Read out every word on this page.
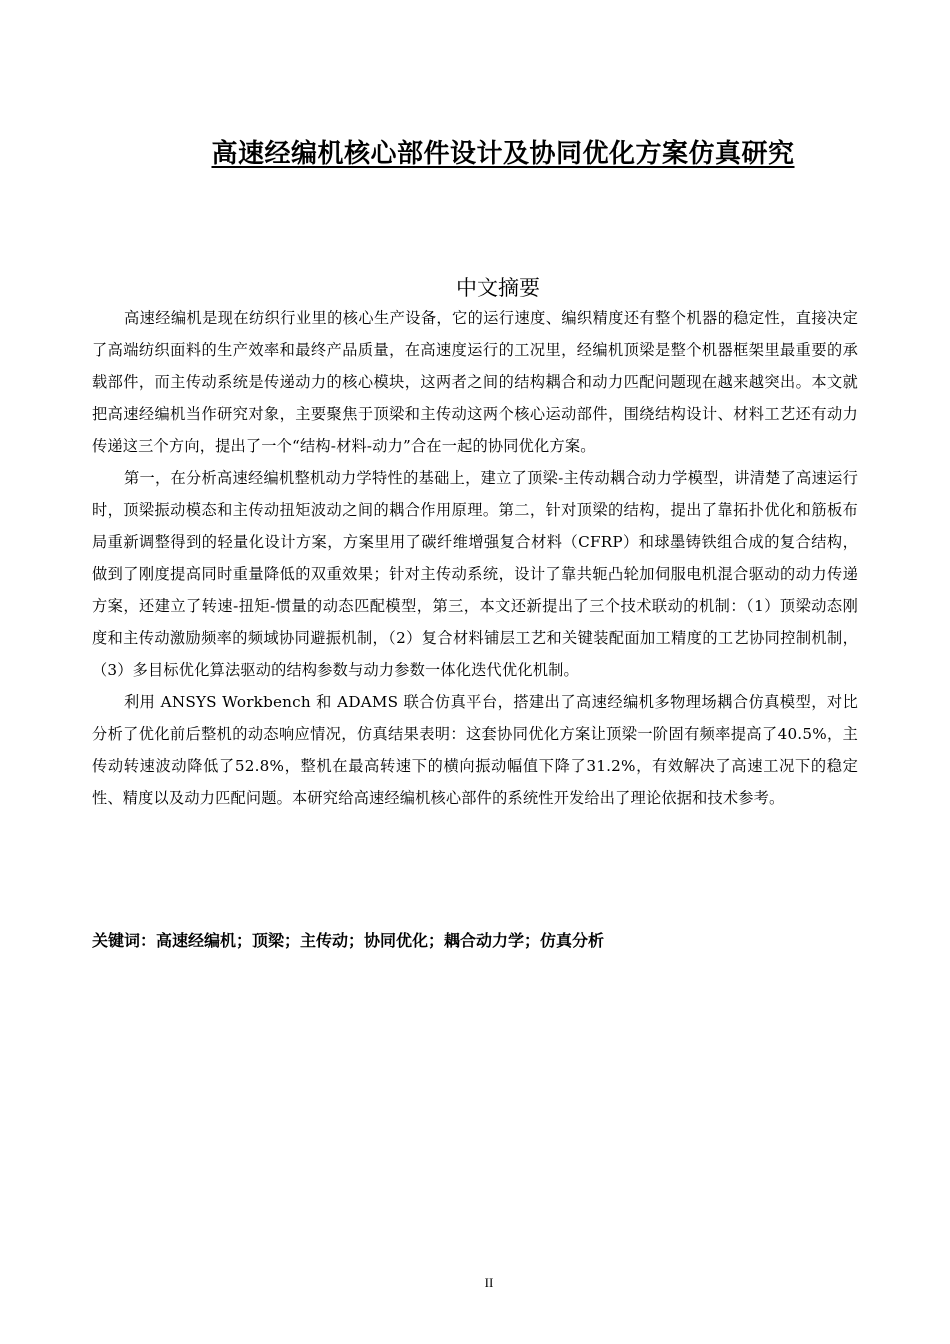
高速经编机核心部件设计及协同优化方案仿真研究
中文摘要

高速经编机是现在纺织行业里的核心生产设备，它的运行速度、编织精度还有整个机器的稳定性，直接决定了高端纺织面料的生产效率和最终产品质量，在高速度运行的工况里，经编机顶梁是整个机器框架里最重要的承载部件，而主传动系统是传递动力的核心模块，这两者之间的结构耦合和动力匹配问题现在越来越突出。本文就把高速经编机当作研究对象，主要聚焦于顶梁和主传动这两个核心运动部件，围绕结构设计、材料工艺还有动力传递这三个方向，提出了一个“结构-材料-动力”合在一起的协同优化方案。

第一，在分析高速经编机整机动力学特性的基础上，建立了顶梁-主传动耦合动力学模型，讲清楚了高速运行时，顶梁振动模态和主传动扭矩波动之间的耦合作用原理。第二，针对顶梁的结构，提出了靠拓扑优化和筋板布局重新调整得到的轻量化设计方案，方案里用了碳纤维增强复合材料（CFRP）和球墨铸铁组合成的复合结构，做到了刚度提高同时重量降低的双重效果；针对主传动系统，设计了靠共轭凸轮加伺服电机混合驱动的动力传递方案，还建立了转速-扭矩-惯量的动态匹配模型，第三，本文还新提出了三个技术联动的机制：（1）顶梁动态刚度和主传动激励频率的频域协同避振机制，（2）复合材料铺层工艺和关键装配面加工精度的工艺协同控制机制，（3）多目标优化算法驱动的结构参数与动力参数一体化迭代优化机制。

利用 ANSYS Workbench 和 ADAMS 联合仿真平台，搭建出了高速经编机多物理场耦合仿真模型，对比分析了优化前后整机的动态响应情况，仿真结果表明：这套协同优化方案让顶梁一阶固有频率提高了40.5%，主传动转速波动降低了52.8%，整机在最高转速下的横向振动幅值下降了31.2%，有效解决了高速工况下的稳定性、精度以及动力匹配问题。本研究给高速经编机核心部件的系统性开发给出了理论依据和技术参考。

关键词：高速经编机；顶梁；主传动；协同优化；耦合动力学；仿真分析

II
